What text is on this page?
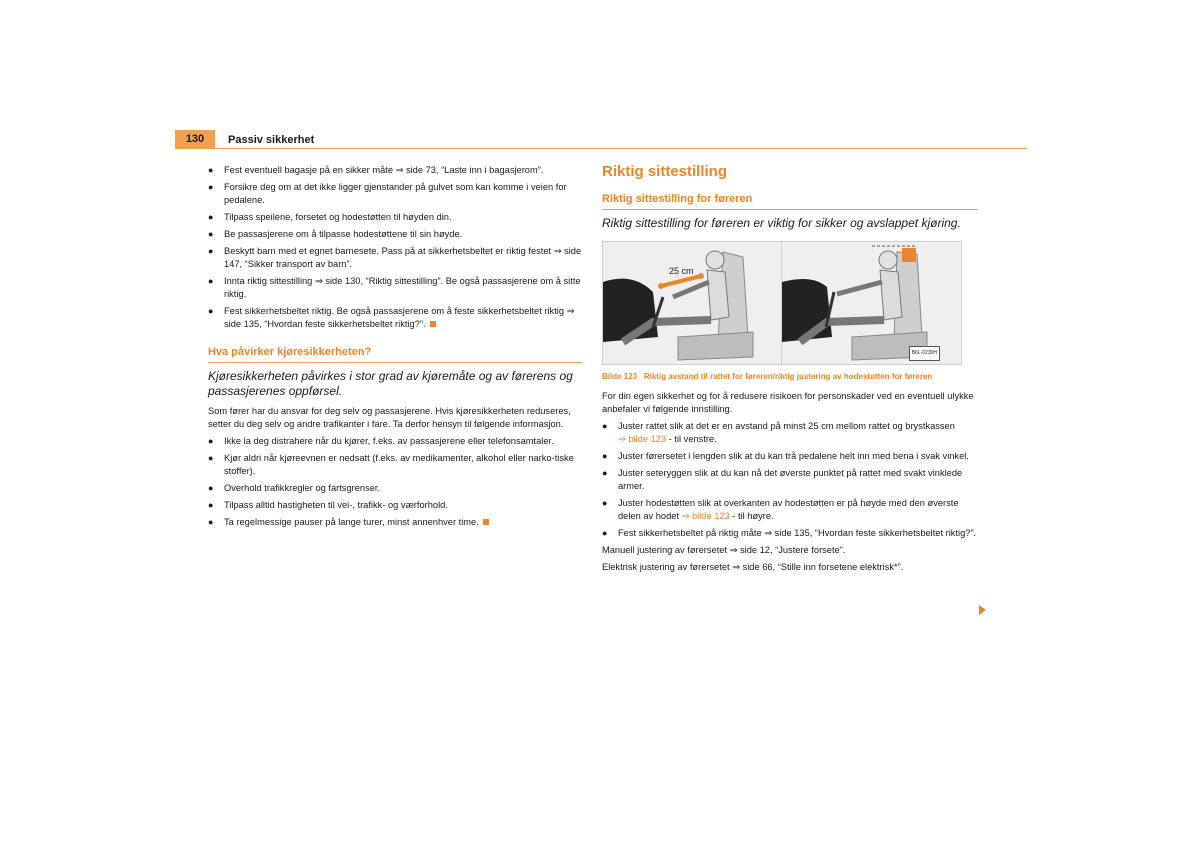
130	Passiv sikkerhet
● Fest eventuell bagasje på en sikker måte ⇒ side 73, “Laste inn i bagasjerom”.
● Forsikre deg om at det ikke ligger gjenstander på gulvet som kan komme i veien for pedalene.
● Tilpass speilene, forsetet og hodestøtten til høyden din.
● Be passasjerene om å tilpasse hodestøttene til sin høyde.
● Beskytt barn med et egnet barnesete. Pass på at sikkerhetsbeltet er riktig festet ⇒ side 147, “Sikker transport av barn”.
● Innta riktig sittestilling ⇒ side 130, “Riktig sittestilling”. Be også passasjerene om å sitte riktig.
● Fest sikkerhetsbeltet riktig. Be også passasjerene om å feste sikkerhetsbeltet riktig ⇒ side 135, “Hvordan feste sikkerhetsbeltet riktig?”.
Hva påvirker kjøresikkerheten?
Kjøresikkerheten påvirkes i stor grad av kjøremåte og av førerens og passasjerenes oppførsel.
Som fører har du ansvar for deg selv og passasjerene. Hvis kjøresikkerheten reduseres, setter du deg selv og andre trafikanter i fare. Ta derfor hensyn til følgende informasjon.
● Ikke la deg distrahere når du kjører, f.eks. av passasjerene eller telefonsamtaler.
● Kjør aldri når kjøreevnen er nedsatt (f.eks. av medikamenter, alkohol eller narko-tiske stoffer).
● Overhold trafikkregler og fartsgrenser.
● Tilpass alltid hastigheten til vei-, trafikk- og værforhold.
● Ta regelmessige pauser på lange turer, minst annenhver time.
Riktig sittestilling
Riktig sittestilling for føreren
Riktig sittestilling for føreren er viktig for sikker og avslappet kjøring.
25 cm
B6L-0230H
Bilde 123 Riktig avstand til rattet for føreren/riktig justering av hodestøtten for føreren
For din egen sikkerhet og for å redusere risikoen for personskader ved en eventuell ulykke anbefaler vi følgende innstilling.
● Juster rattet slik at det er en avstand på minst 25 cm mellom rattet og brystkassen
⇒ bilde 123 - til venstre.
● Juster førersetet i lengden slik at du kan trå pedalene helt inn med bena i svak vinkel.
● Juster seteryggen slik at du kan nå det øverste punktet på rattet med svakt vinklede armer.
● Juster hodestøtten slik at overkanten av hodestøtten er på høyde med den øverste delen av hodet ⇒ bilde 123 - til høyre.
● Fest sikkerhetsbeltet på riktig måte ⇒ side 135, “Hvordan feste sikkerhetsbeltet riktig?”.
Manuell justering av førersetet ⇒ side 12, “Justere forsete”.
Elektrisk justering av førersetet ⇒ side 66, “Stille inn forsetene elektrisk*”.
